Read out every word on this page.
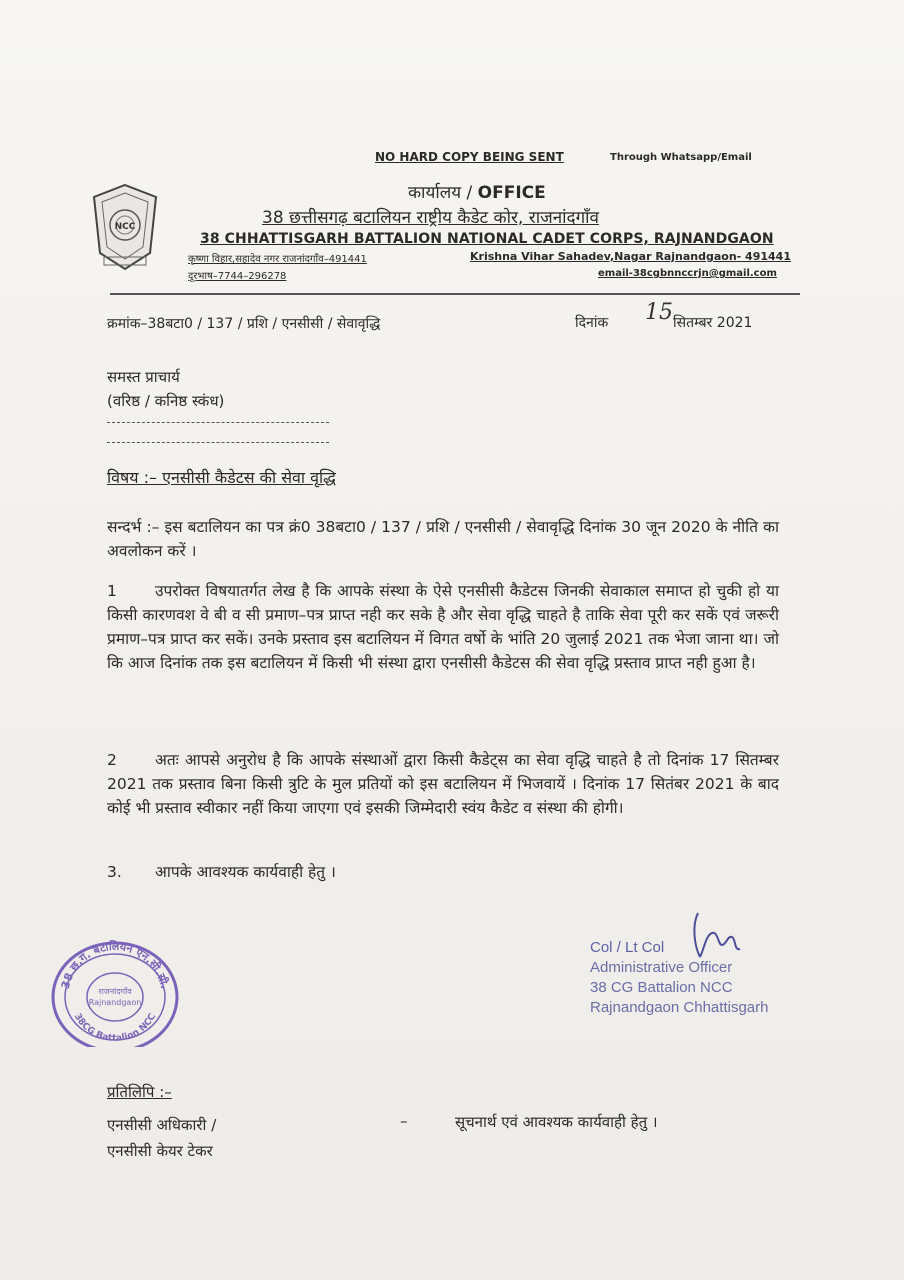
NCC
NO HARD COPY BEING SENT	Through Whatsapp/Email
कार्यालय / OFFICE
38 छत्तीसगढ़ बटालियन राष्ट्रीय कैडेट कोर, राजनांदगाँव
38 CHHATTISGARH BATTALION NATIONAL CADET CORPS, RAJNANDGAON
कृष्णा विहार,सहादेव नगर राजनांदगाँव–491441	Krishna Vihar Sahadev,Nagar Rajnandgaon- 491441
दूरभाष–7744–296278	email-38cgbnnccrjn@gmail.com
क्रमांक–38बटा0 / 137 / प्रशि / एनसीसी / सेवावृद्धि	दिनांक 15 सितम्बर 2021
समस्त प्राचार्य
(वरिष्ठ / कनिष्ठ स्कंध)
विषय :– एनसीसी कैडेटस की सेवा वृद्धि
सन्दर्भ :– इस बटालियन का पत्र क्रं0 38बटा0 / 137 / प्रशि / एनसीसी / सेवावृद्धि दिनांक 30 जून 2020 के नीति का अवलोकन करें ।
1 उपरोक्त विषयातर्गत लेख है कि आपके संस्था के ऐसे एनसीसी कैडेटस जिनकी सेवाकाल समाप्त हो चुकी हो या किसी कारणवश वे बी व सी प्रमाण–पत्र प्राप्त नही कर सके है और सेवा वृद्धि चाहते है ताकि सेवा पूरी कर सकें एवं जरूरी प्रमाण–पत्र प्राप्त कर सकें। उनके प्रस्ताव इस बटालियन में विगत वर्षो के भांति 20 जुलाई 2021 तक भेजा जाना था। जो कि आज दिनांक तक इस बटालियन में किसी भी संस्था द्वारा एनसीसी कैडेटस की सेवा वृद्धि प्रस्ताव प्राप्त नही हुआ है।
2 अतः आपसे अनुरोध है कि आपके संस्थाओं द्वारा किसी कैडेट्स का सेवा वृद्धि चाहते है तो दिनांक 17 सितम्बर 2021 तक प्रस्ताव बिना किसी त्रुटि के मुल प्रतियों को इस बटालियन में भिजवायें । दिनांक 17 सितंबर 2021 के बाद कोई भी प्रस्ताव स्वीकार नहीं किया जाएगा एवं इसकी जिम्मेदारी स्वंय कैडेट व संस्था की होगी।
3. आपके आवश्यक कार्यवाही हेतु ।
38 छ.ग. बटालियन एन.सी.सी.
38CG Battalion NCC
राजनांदगाँव
Rajnandgaon
Col / Lt Col
Administrative Officer
38 CG Battalion NCC
Rajnandgaon Chhattisgarh
प्रतिलिपि :–
एनसीसी अधिकारी /
एनसीसी केयर टेकर
–	सूचनार्थ एवं आवश्यक कार्यवाही हेतु ।
